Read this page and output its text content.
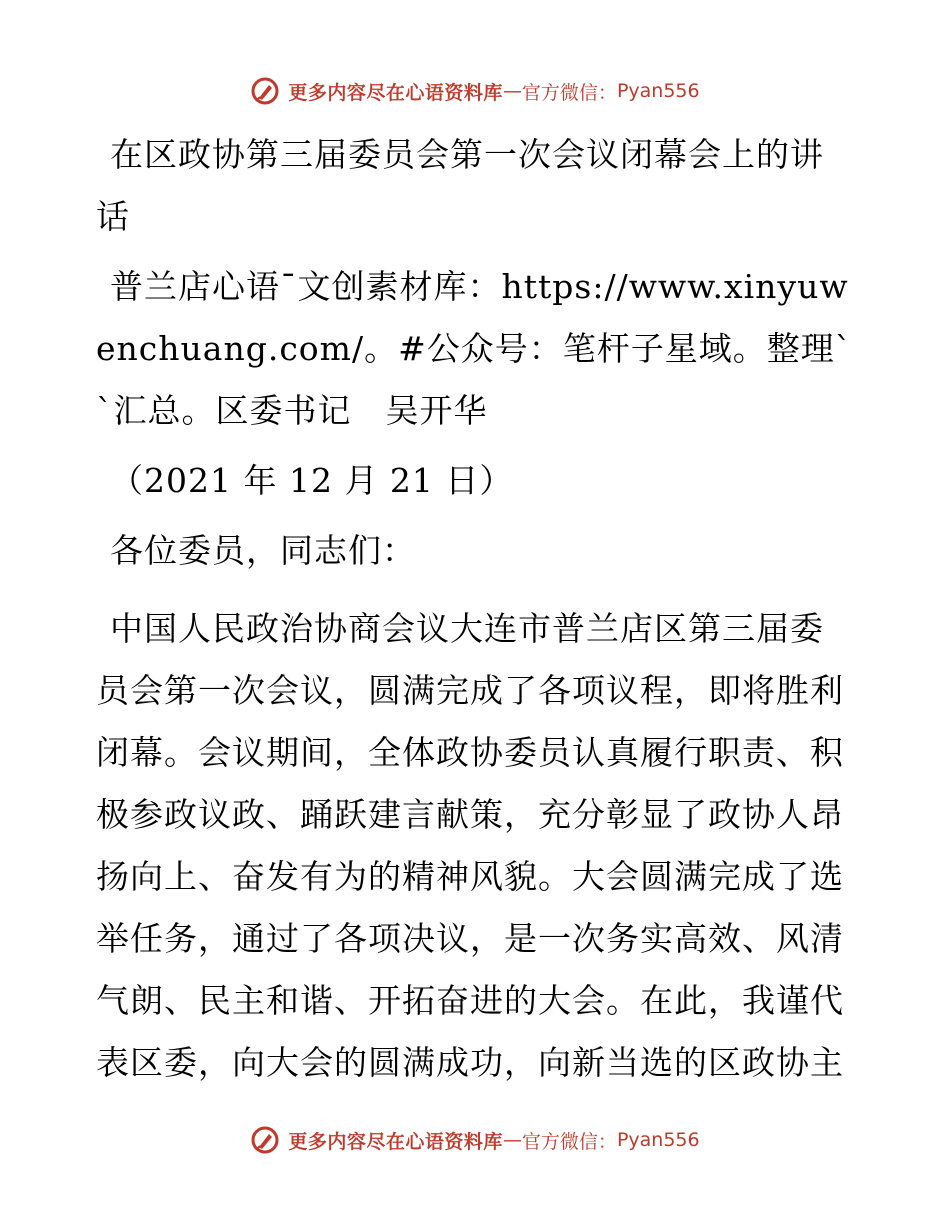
更多内容尽在心语资料库 — 官方微信： Pyan556

在区政协第三届委员会第一次会议闭幕会上的讲话

普兰店心语¯文创素材库：https://www.xinyuwenchuang.com/。#公众号：笔杆子星域。整理``汇总。区委书记　吴开华

（2021 年 12 月 21 日）

各位委员，同志们：

中国人民政治协商会议大连市普兰店区第三届委员会第一次会议，圆满完成了各项议程，即将胜利闭幕。会议期间，全体政协委员认真履行职责、积极参政议政、踊跃建言献策，充分彰显了政协人昂扬向上、奋发有为的精神风貌。大会圆满完成了选举任务，通过了各项决议，是一次务实高效、风清气朗、民主和谐、开拓奋进的大会。在此，我谨代表区委，向大会的圆满成功，向新当选的区政协主

更多内容尽在心语资料库 — 官方微信： Pyan556
